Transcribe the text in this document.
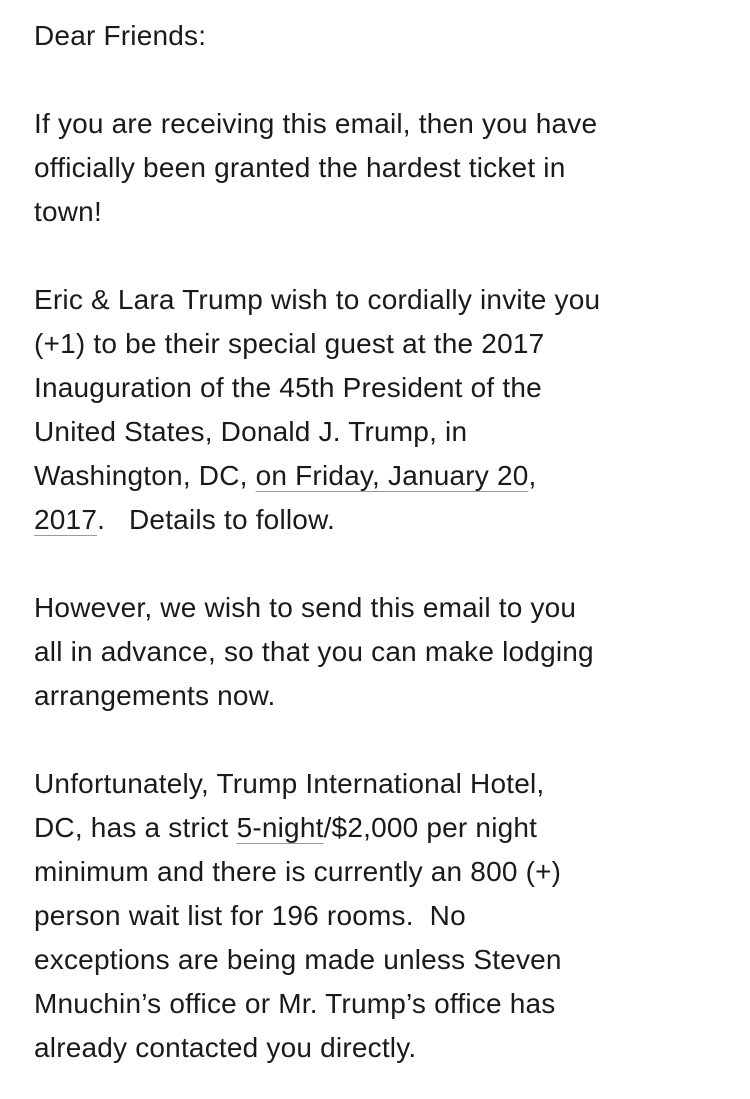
Dear Friends:
If you are receiving this email, then you have
officially been granted the hardest ticket in
town!
Eric & Lara Trump wish to cordially invite you
(+1) to be their special guest at the 2017
Inauguration of the 45th President of the
United States, Donald J. Trump, in
Washington, DC, on Friday, January 20,
2017.   Details to follow.
However, we wish to send this email to you
all in advance, so that you can make lodging
arrangements now.
Unfortunately, Trump International Hotel,
DC, has a strict 5-night/$2,000 per night
minimum and there is currently an 800 (+)
person wait list for 196 rooms.  No
exceptions are being made unless Steven
Mnuchin’s office or Mr. Trump’s office has
already contacted you directly.
